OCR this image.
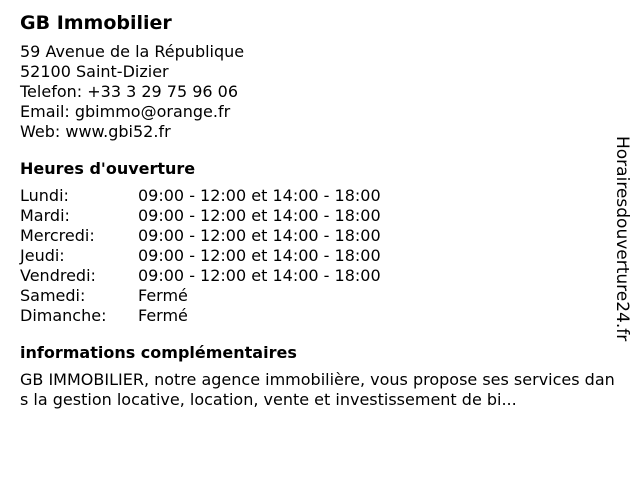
GB Immobilier
59 Avenue de la République
52100 Saint-Dizier
Telefon: +33 3 29 75 96 06
Email: gbimmo@orange.fr
Web: www.gbi52.fr
Heures d'ouverture
Lundi:	09:00 - 12:00 et 14:00 - 18:00
Mardi:	09:00 - 12:00 et 14:00 - 18:00
Mercredi:	09:00 - 12:00 et 14:00 - 18:00
Jeudi:	09:00 - 12:00 et 14:00 - 18:00
Vendredi:	09:00 - 12:00 et 14:00 - 18:00
Samedi:	Fermé
Dimanche:	Fermé
informations complémentaires
GB IMMOBILIER, notre agence immobilière, vous propose ses services dans la gestion locative, location, vente et investissement de bi...
Horairesdouverture24.fr
